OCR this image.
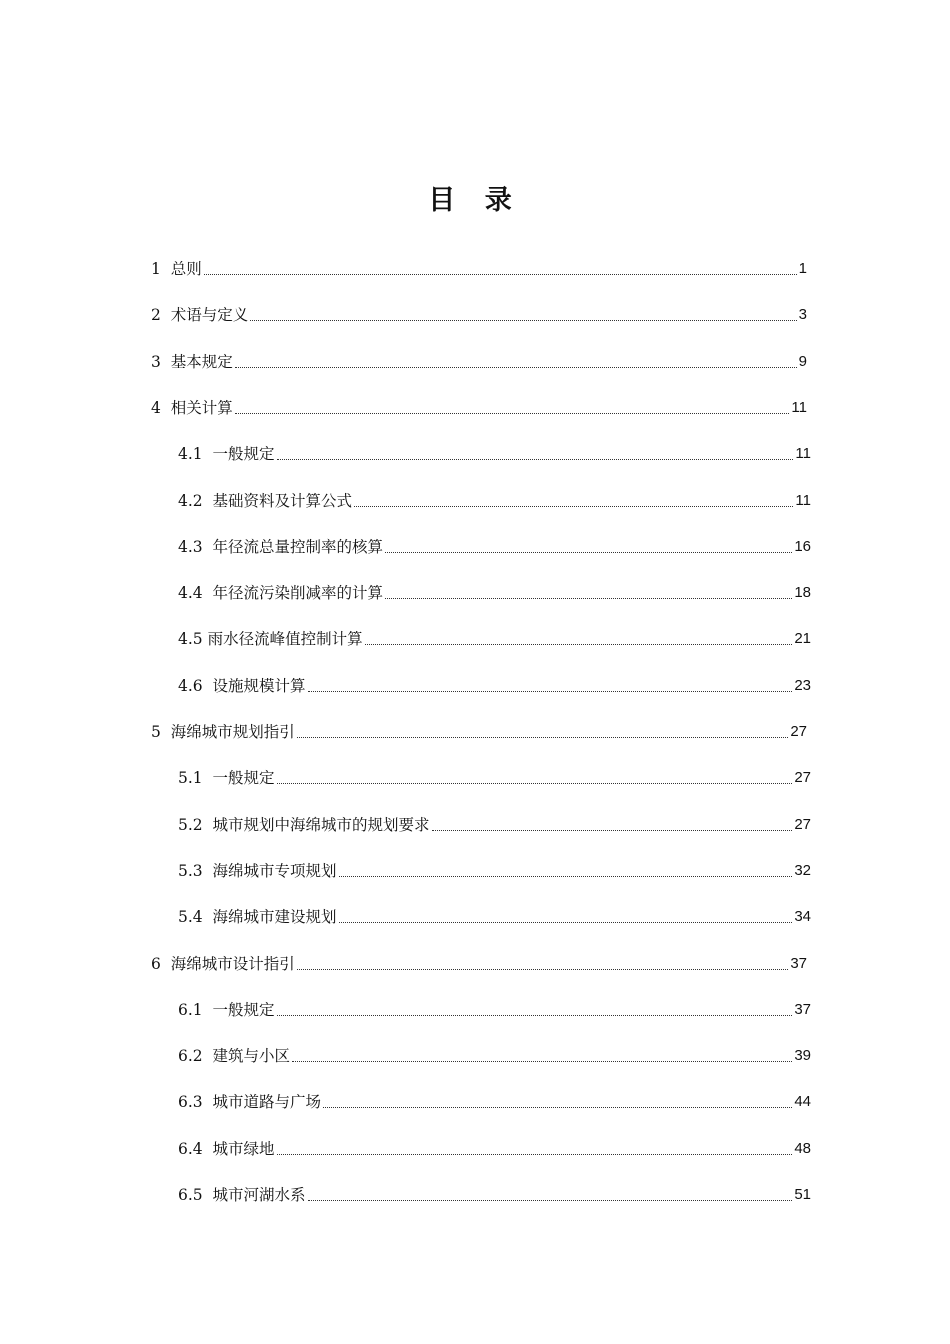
目 录
1  总则	1
2  术语与定义	3
3  基本规定	9
4  相关计算	11
4.1  一般规定	11
4.2  基础资料及计算公式	11
4.3  年径流总量控制率的核算	16
4.4  年径流污染削减率的计算	18
4.5 雨水径流峰值控制计算	21
4.6  设施规模计算	23
5  海绵城市规划指引	27
5.1  一般规定	27
5.2  城市规划中海绵城市的规划要求	27
5.3  海绵城市专项规划	32
5.4  海绵城市建设规划	34
6  海绵城市设计指引	37
6.1  一般规定	37
6.2  建筑与小区	39
6.3  城市道路与广场	44
6.4  城市绿地	48
6.5  城市河湖水系	51
